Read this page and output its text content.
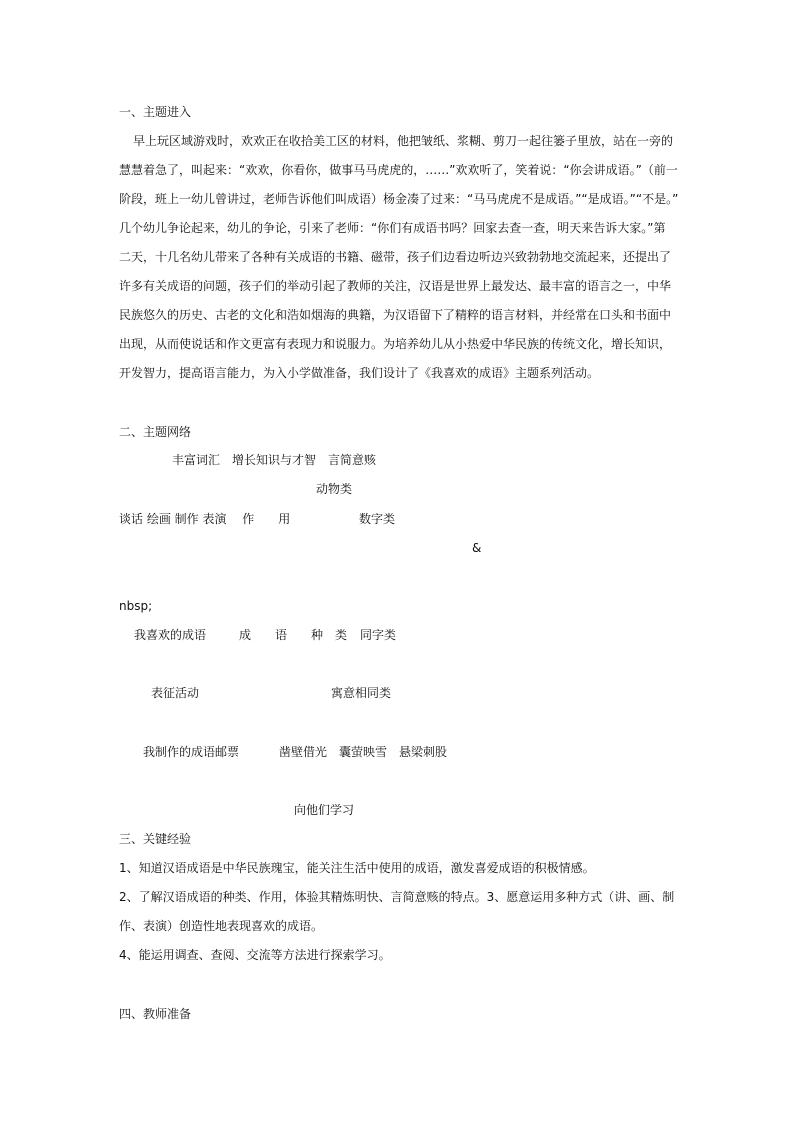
一、主题进入
早上玩区域游戏时，欢欢正在收拾美工区的材料，他把皱纸、浆糊、剪刀一起往篓子里放，站在一旁的
慧慧着急了，叫起来：“欢欢，你看你，做事马马虎虎的，……”欢欢听了，笑着说：“你会讲成语。”（前一
阶段，班上一幼儿曾讲过，老师告诉他们叫成语）杨金凑了过来：“马马虎虎不是成语。”“是成语。”“不是。”
几个幼儿争论起来，幼儿的争论，引来了老师：“你们有成语书吗？回家去查一查，明天来告诉大家。”第
二天，十几名幼儿带来了各种有关成语的书籍、磁带，孩子们边看边听边兴致勃勃地交流起来，还提出了
许多有关成语的问题，孩子们的举动引起了教师的关注，汉语是世界上最发达、最丰富的语言之一，中华
民族悠久的历史、古老的文化和浩如烟海的典籍，为汉语留下了精粹的语言材料，并经常在口头和书面中
出现，从而使说话和作文更富有表现力和说服力。为培养幼儿从小热爱中华民族的传统文化，增长知识，
开发智力，提高语言能力，为入小学做准备，我们设计了《我喜欢的成语》主题系列活动。
二、主题网络
丰富词汇　增长知识与才智　言简意赅
动物类
谈话 绘画 制作 表演　 作　　用	数字类
&
nbsp;
我喜欢的成语	成　　语　　种　类 同字类
表征活动	寓意相同类
我制作的成语邮票	凿壁借光　囊萤映雪　悬梁刺股
向他们学习
三、关键经验
1、知道汉语成语是中华民族瑰宝，能关注生活中使用的成语，激发喜爱成语的积极情感。
2、了解汉语成语的种类、作用，体验其精炼明快、言简意赅的特点。3、愿意运用多种方式（讲、画、制
作、表演）创造性地表现喜欢的成语。
4、能运用调查、查阅、交流等方法进行探索学习。
四、教师准备
